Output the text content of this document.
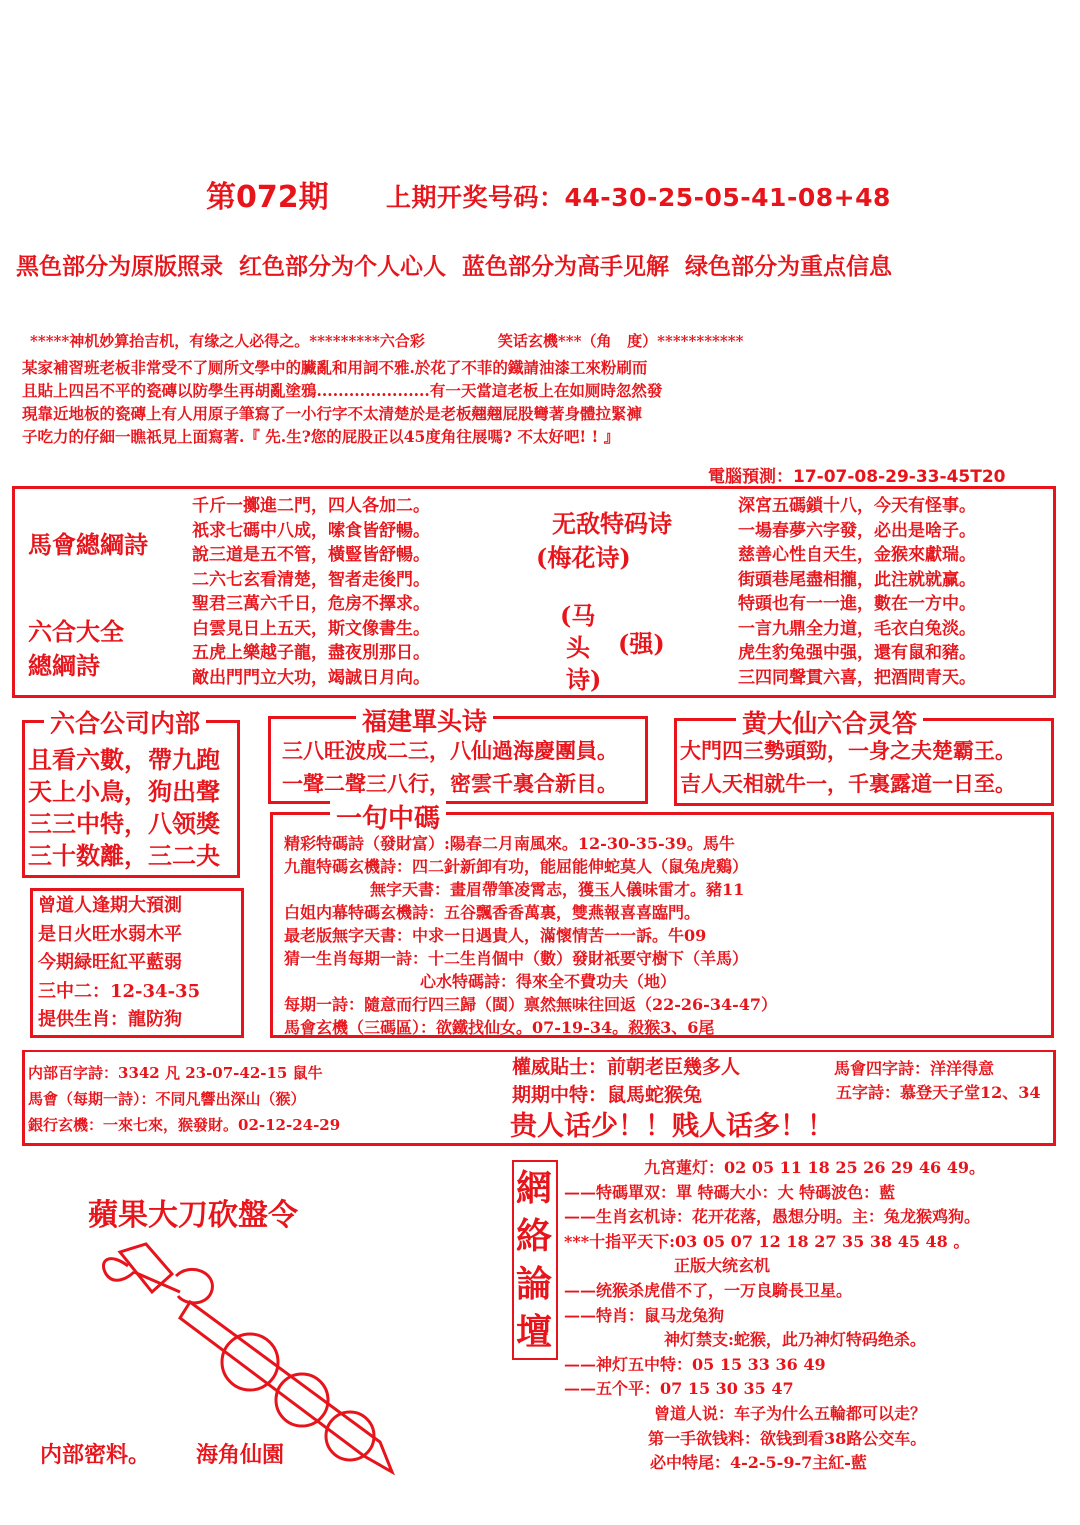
第072期 上期开奖号码：44-30-25-05-41-08+48
黑色部分为原版照录  红色部分为个人心人  蓝色部分为高手见解  绿色部分为重点信息
*****神机妙算抬吉机，有缘之人必得之。*********六合彩              笑话玄機***（角   度）***********
某家補習班老板非常受不了厕所文學中的臟亂和用詞不雅.於花了不菲的鐵請油漆工來粉刷而
且貼上四呂不平的瓷磚以防學生再胡亂塗鴉.....................有一天當這老板上在如厕時忽然發
現靠近地板的瓷磚上有人用原子筆寫了一小行字不太清楚於是老板翹翹屁股彎著身體拉緊褲
子吃力的仔細一瞧祇見上面寫著.『 先.生?您的屁股正以45度角往展嗎? 不太好吧! ! 』
電腦預測：17-07-08-29-33-45T20
馬會總綱詩
六合大全
總綱詩
千斤一擲進二門，四人各加二。
祇求七碼中八成，嗦食皆舒暢。
說三道是五不管，橫豎皆舒暢。
二六七玄看清楚，智者走後門。
聖君三萬六千日，危房不擇求。
白雲見日上五天，斯文像書生。
五虎上樂越子龍，盡夜別那日。
敵出門門立大功，竭誠日月向。
无敌特码诗
(梅花诗)
(马
头 (强)
诗)
深宮五碼鎖十八，今天有怪事。
一場春夢六字發，必出是啥子。
慈善心性自天生，金猴來獻瑞。
街頭巷尾盡相攏，此注就就赢。
特頭也有一一進，數在一方中。
一言九鼎全力道，毛衣白兔淡。
虎生豹兔强中强，還有鼠和豬。
三四同聲貫六喜，把酒問青天。
六合公司内部
且看六數，帶九跑
天上小鳥，狗出聲
三三中特，八领獎
三十数離，三二夬
福建單头诗
三八旺波成二三，八仙過海慶團員。
一聲二聲三八行，密雲千裏合新目。
黄大仙六合灵答
大門四三勢頭勁，一身之夫楚霸王。
吉人天相就牛一，千裏露道一日至。
曾道人逢期大預測
是日火旺水弱木平
今期緑旺紅平藍弱
三中二：12-34-35
提供生肖：龍防狗
一句中碼
精彩特碼詩（發財富）:陽春二月南風來。12-30-35-39。馬牛
九龍特碼玄機詩：四二針新卸有功，能屈能伸蛇莫人（鼠兔虎鷄）
無字天書：畫眉帶筆凌霄志，獲玉人儀味雷才。豬11
白姐内幕特碼玄機詩：五谷飄香香萬裏，雙燕報喜喜臨門。
最老版無字天書：中求一日遇貴人，滿懷情苦一一訴。牛09
猜一生肖每期一詩：十二生肖個中（數）發財祇要守樹下（羊馬）
心水特碼詩：得來全不費功夫（地）
每期一詩：隨意而行四三歸（閩）禀然無味往回返（22-26-34-47）
馬會玄機（三碼區）：欲鐵找仙女。07-19-34。殺猴3、6尾
内部百字詩：3342 凡 23-07-42-15 鼠牛
馬會（每期一詩）：不同凡響出深山（猴）
銀行玄機：一來七來，猴發財。02-12-24-29
權威貼士：前朝老臣幾多人	馬會四字詩：洋洋得意
期期中特：鼠馬蛇猴兔	五字詩：慕登天子堂12、34
贵人话少！！贱人话多！！
網
絡
論
壇
九宮蓮灯：02 05 11 18 25 26 29 46 49。
——特碼單双：單 特碼大小：大 特碼波色：藍
——生肖玄机诗：花开花落，愚想分明。主：兔龙猴鸡狗。
***十指平天下:03 05 07 12 18 27 35 38 45 48 。
正版大统玄机
——统猴杀虎借不了，一万良騎長卫星。
——特肖：鼠马龙兔狗
神灯禁支:蛇猴，此乃神灯特码绝杀。
——神灯五中特：05 15 33 36 49
——五个平：07 15 30 35 47
曾道人说：车子为什么五輪都可以走？
第一手欲钱料：欲钱到看38路公交车。
必中特尾：4-2-5-9-7主紅-藍
蘋果大刀砍盤令
内部密料。 海角仙園
